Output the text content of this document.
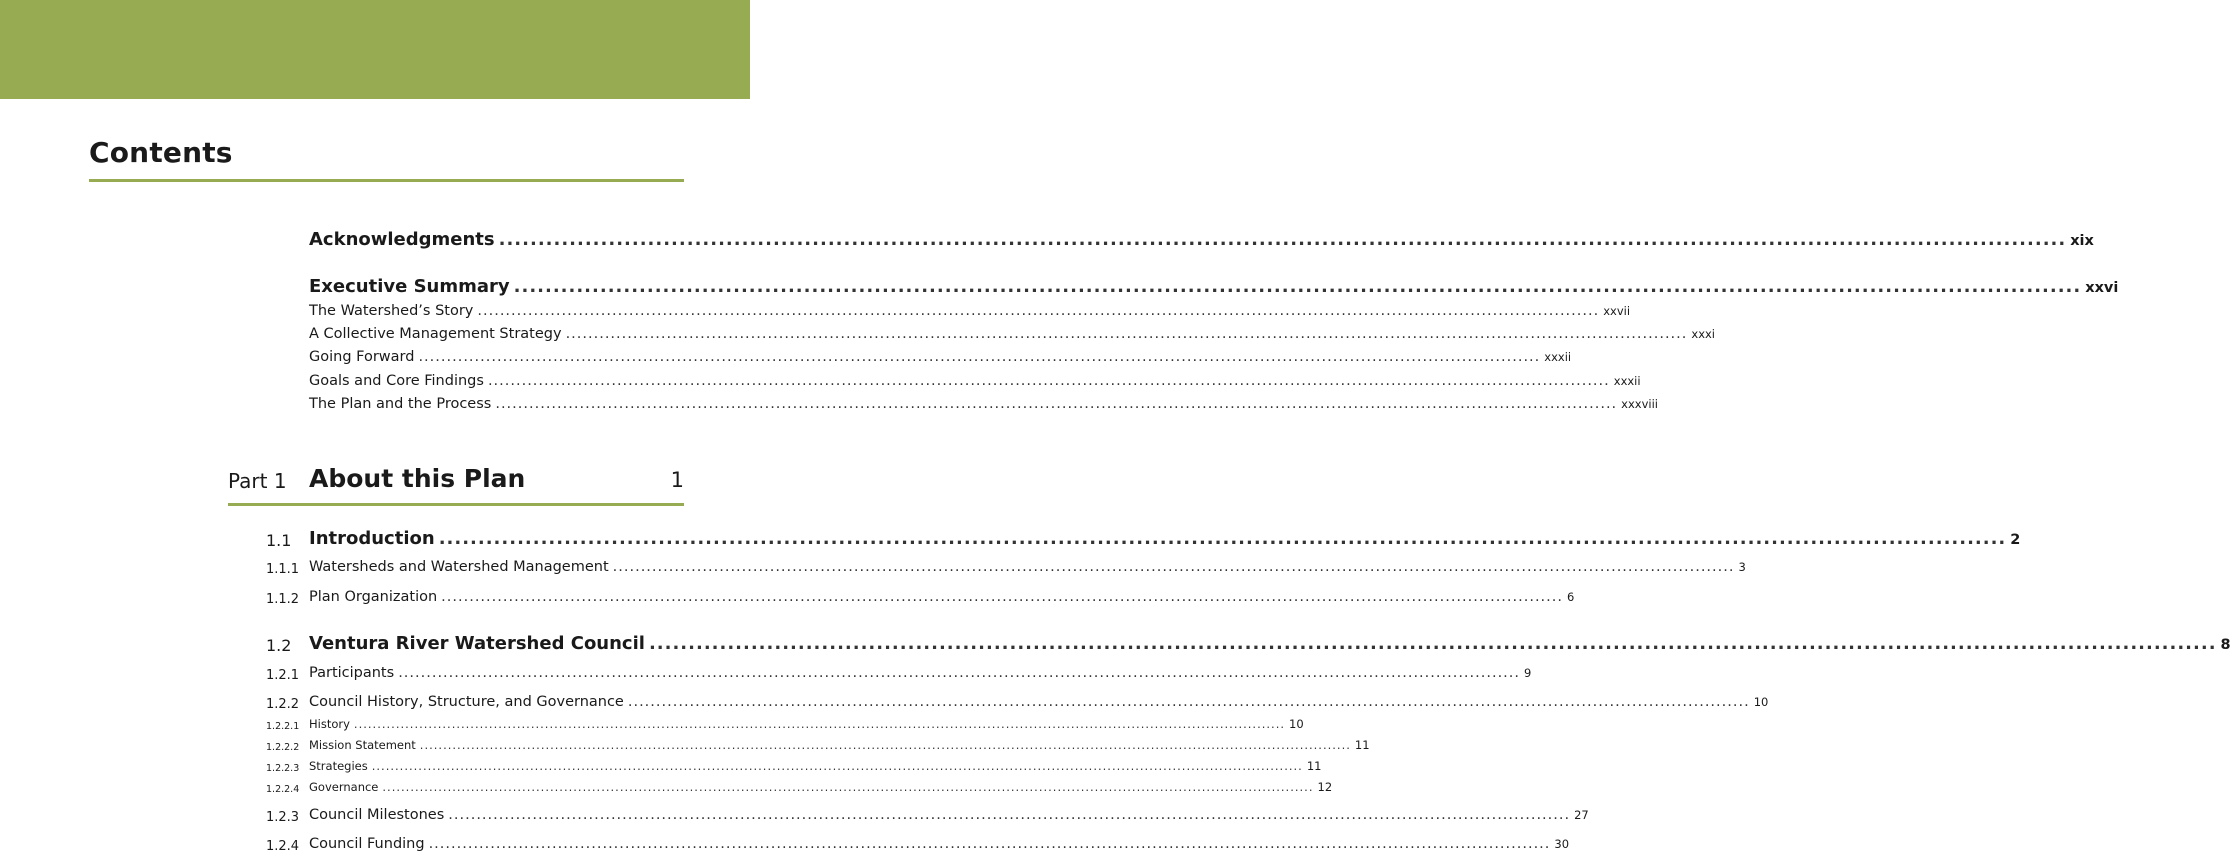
Contents
Acknowledgments ........................................................................................................................................................................................................ xix
Executive Summary ........................................................................................................................................................................................................ xxvi
The Watershed’s Story ........................................................................................................................................................................................................ xxvii
A Collective Management Strategy ........................................................................................................................................................................................................ xxxi
Going Forward ........................................................................................................................................................................................................ xxxii
Goals and Core Findings ........................................................................................................................................................................................................ xxxii
The Plan and the Process ........................................................................................................................................................................................................ xxxviii
Part 1 About this Plan	1
1.1 Introduction ........................................................................................................................................................................................................ 2
1.1.1 Watersheds and Watershed Management ........................................................................................................................................................................................................ 3
1.1.2 Plan Organization ........................................................................................................................................................................................................ 6
1.2 Ventura River Watershed Council ........................................................................................................................................................................................................ 8
1.2.1 Participants ........................................................................................................................................................................................................ 9
1.2.2 Council History, Structure, and Governance ........................................................................................................................................................................................................ 10
1.2.2.1 History ........................................................................................................................................................................................................ 10
1.2.2.2 Mission Statement ........................................................................................................................................................................................................ 11
1.2.2.3 Strategies ........................................................................................................................................................................................................ 11
1.2.2.4 Governance ........................................................................................................................................................................................................ 12
1.2.3 Council Milestones ........................................................................................................................................................................................................ 27
1.2.4 Council Funding ........................................................................................................................................................................................................ 30
